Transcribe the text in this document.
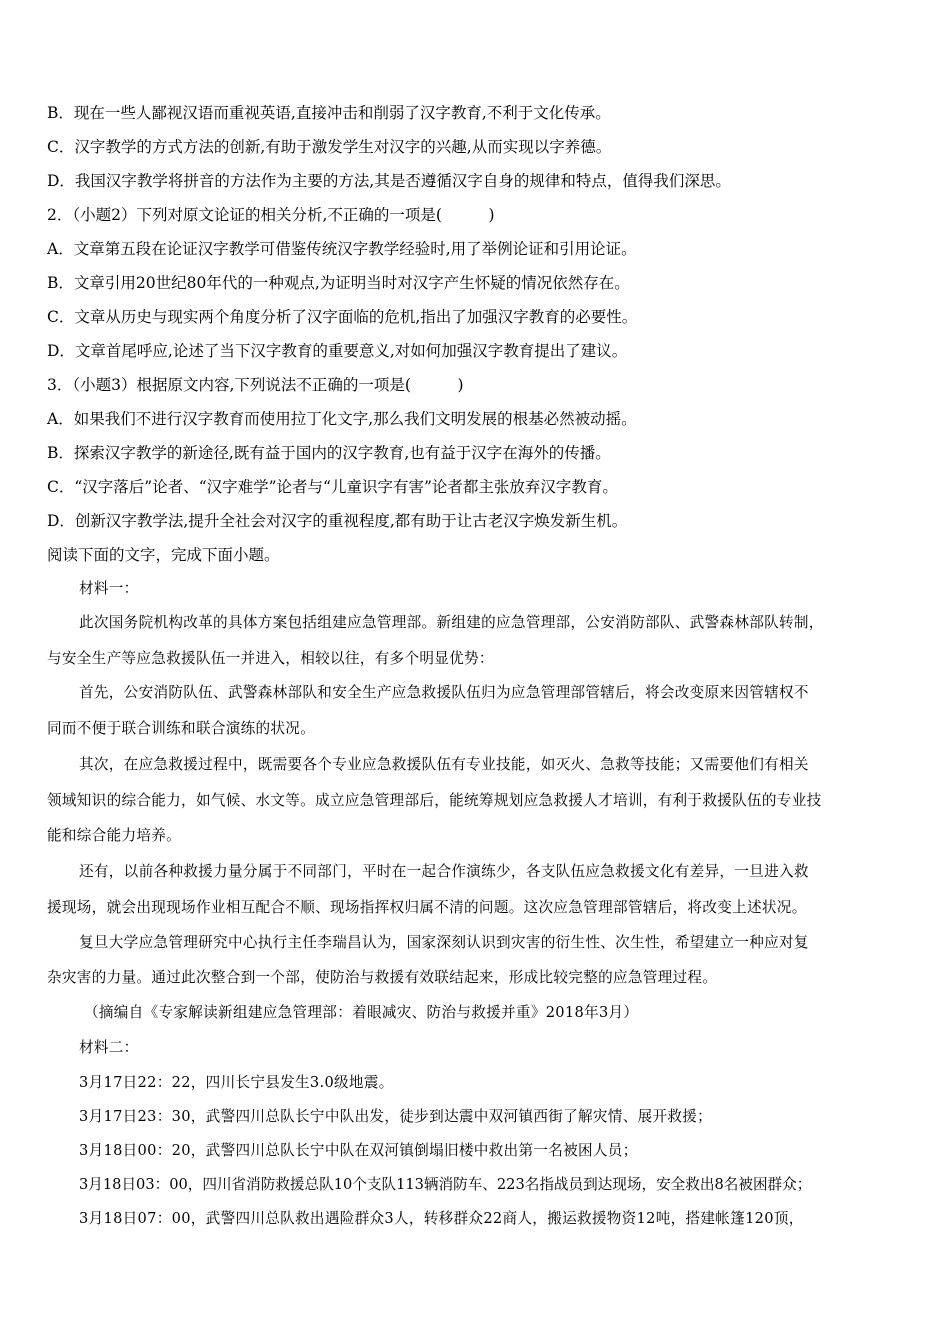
B．现在一些人鄙视汉语而重视英语,直接冲击和削弱了汉字教育,不利于文化传承。
C．汉字教学的方式方法的创新,有助于激发学生对汉字的兴趣,从而实现以字养德。
D．我国汉字教学将拼音的方法作为主要的方法,其是否遵循汉字自身的规律和特点，值得我们深思。
2．（小题2）下列对原文论证的相关分析,不正确的一项是(　　　)
A．文章第五段在论证汉字教学可借鉴传统汉字教学经验时,用了举例论证和引用论证。
B．文章引用20世纪80年代的一种观点,为证明当时对汉字产生怀疑的情况依然存在。
C．文章从历史与现实两个角度分析了汉字面临的危机,指出了加强汉字教育的必要性。
D．文章首尾呼应,论述了当下汉字教育的重要意义,对如何加强汉字教育提出了建议。
3．（小题3）根据原文内容,下列说法不正确的一项是(　　　)
A．如果我们不进行汉字教育而使用拉丁化文字,那么我们文明发展的根基必然被动摇。
B．探索汉字教学的新途径,既有益于国内的汉字教育,也有益于汉字在海外的传播。
C．“汉字落后”论者、“汉字难学”论者与“儿童识字有害”论者都主张放弃汉字教育。
D．创新汉字教学法,提升全社会对汉字的重视程度,都有助于让古老汉字焕发新生机。
阅读下面的文字，完成下面小题。
材料一：
此次国务院机构改革的具体方案包括组建应急管理部。新组建的应急管理部，公安消防部队、武警森林部队转制，
与安全生产等应急救援队伍一并进入，相较以往，有多个明显优势：
首先，公安消防队伍、武警森林部队和安全生产应急救援队伍归为应急管理部管辖后，将会改变原来因管辖权不
同而不便于联合训练和联合演练的状况。
其次，在应急救援过程中，既需要各个专业应急救援队伍有专业技能，如灭火、急救等技能；又需要他们有相关
领域知识的综合能力，如气候、水文等。成立应急管理部后，能统筹规划应急救援人才培训，有利于救援队伍的专业技
能和综合能力培养。
还有，以前各种救援力量分属于不同部门，平时在一起合作演练少，各支队伍应急救援文化有差异，一旦进入救
援现场，就会出现现场作业相互配合不顺、现场指挥权归属不清的问题。这次应急管理部管辖后，将改变上述状况。
复旦大学应急管理研究中心执行主任李瑞昌认为，国家深刻认识到灾害的衍生性、次生性，希望建立一种应对复
杂灾害的力量。通过此次整合到一个部，使防治与救援有效联结起来，形成比较完整的应急管理过程。
（摘编自《专家解读新组建应急管理部：着眼减灾、防治与救援并重》2018年3月）
材料二：
3月17日22：22，四川长宁县发生3.0级地震。
3月17日23：30，武警四川总队长宁中队出发，徒步到达震中双河镇西街了解灾情、展开救援；
3月18日00：20，武警四川总队长宁中队在双河镇倒塌旧楼中救出第一名被困人员；
3月18日03：00，四川省消防救援总队10个支队113辆消防车、223名指战员到达现场，安全救出8名被困群众；
3月18日07：00，武警四川总队救出遇险群众3人，转移群众22商人，搬运救援物资12吨，搭建帐篷120顶，
